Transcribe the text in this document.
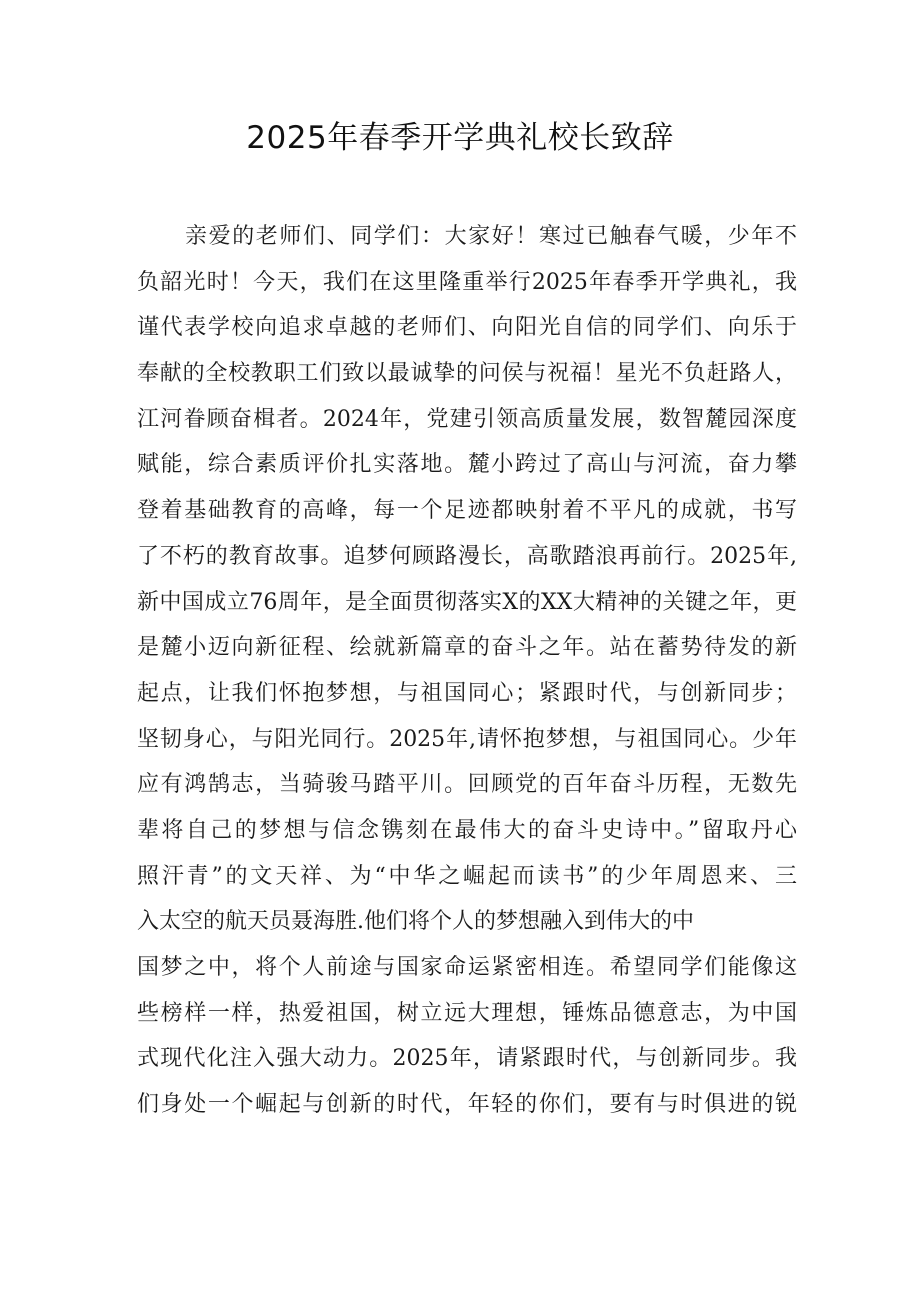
2025年春季开学典礼校长致辞
亲爱的老师们、同学们：大家好！寒过已触春气暖，少年不
负韶光时！今天，我们在这里隆重举行2025年春季开学典礼，我
谨代表学校向追求卓越的老师们、向阳光自信的同学们、向乐于
奉献的全校教职工们致以最诚挚的问侯与祝福！星光不负赶路人，
江河眷顾奋楫者。2024年，党建引领高质量发展，数智麓园深度
赋能，综合素质评价扎实落地。麓小跨过了高山与河流，奋力攀
登着基础教育的高峰，每一个足迹都映射着不平凡的成就，书写
了不朽的教育故事。追梦何顾路漫长，高歌踏浪再前行。2025年,
新中国成立76周年，是全面贯彻落实X的XX大精神的关键之年，更
是麓小迈向新征程、绘就新篇章的奋斗之年。站在蓄势待发的新
起点，让我们怀抱梦想，与祖国同心；紧跟时代，与创新同步；
坚韧身心，与阳光同行。2025年,请怀抱梦想，与祖国同心。少年
应有鸿鹄志，当骑骏马踏平川。回顾党的百年奋斗历程，无数先
辈将自己的梦想与信念镌刻在最伟大的奋斗史诗中。”留取丹心
照汗青”的文天祥、为“中华之崛起而读书”的少年周恩来、三
入太空的航天员聂海胜.他们将个人的梦想融入到伟大的中
国梦之中，将个人前途与国家命运紧密相连。希望同学们能像这
些榜样一样，热爱祖国，树立远大理想，锤炼品德意志，为中国
式现代化注入强大动力。2025年，请紧跟时代，与创新同步。我
们身处一个崛起与创新的时代，年轻的你们，要有与时俱进的锐
